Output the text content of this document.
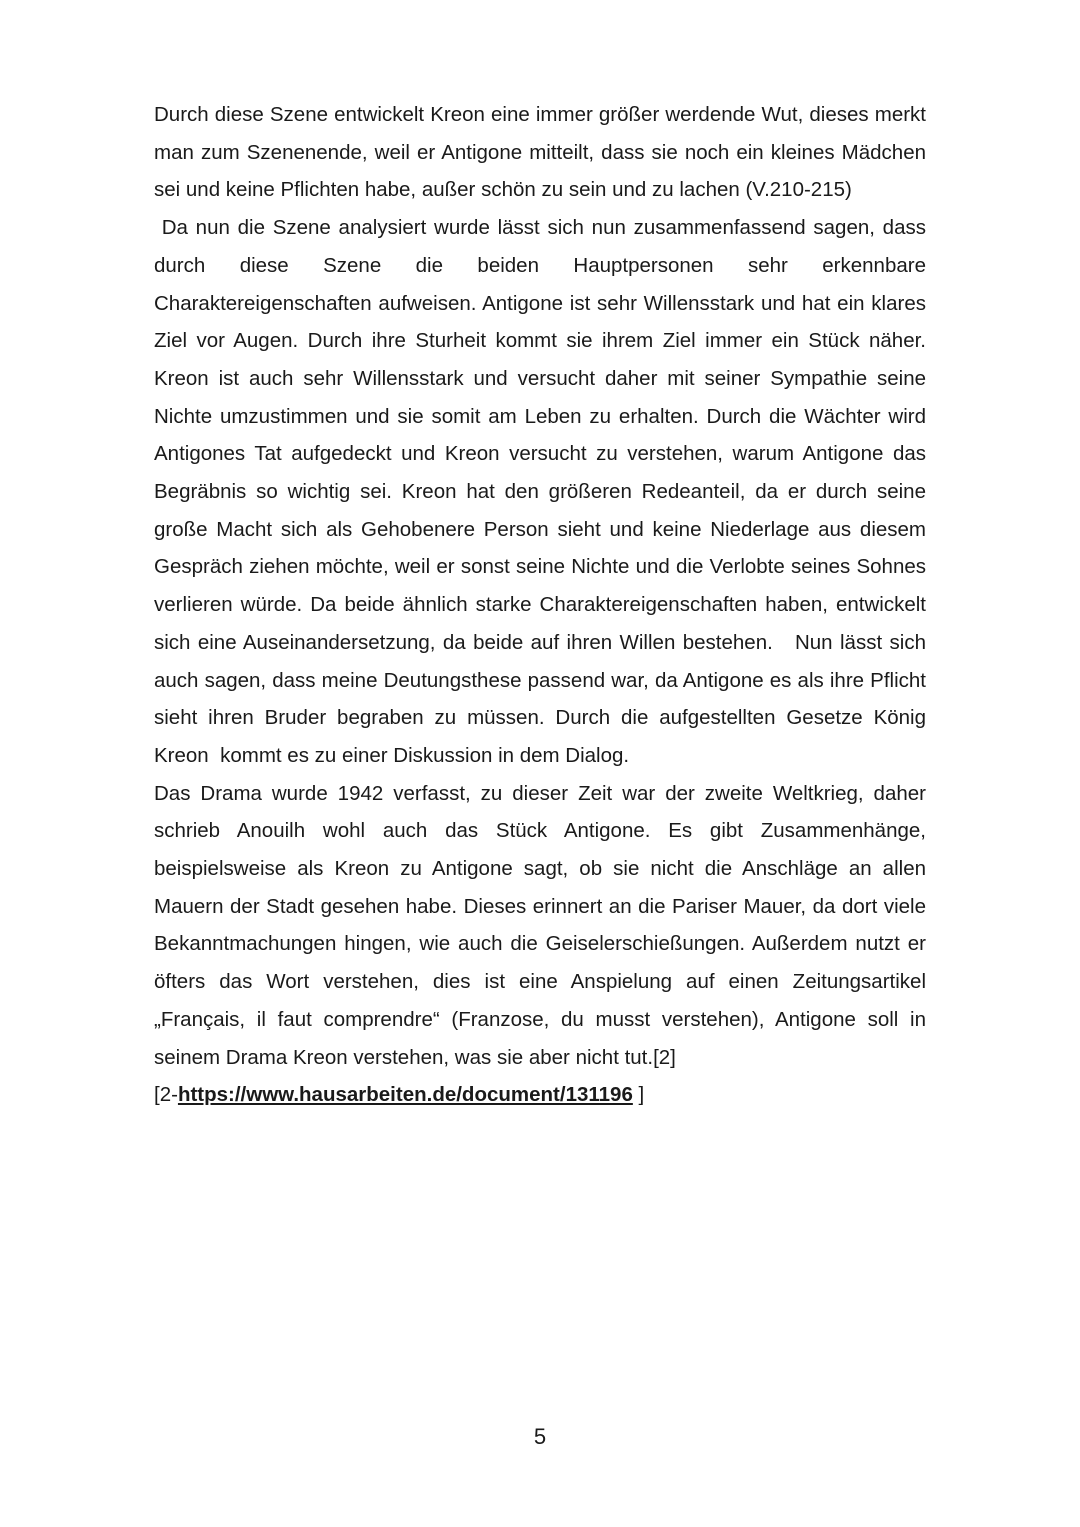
Durch diese Szene entwickelt Kreon eine immer größer werdende Wut, dieses merkt man zum Szenenende, weil er Antigone mitteilt, dass sie noch ein kleines Mädchen sei und keine Pflichten habe, außer schön zu sein und zu lachen (V.210-215)

Da nun die Szene analysiert wurde lässt sich nun zusammenfassend sagen, dass durch diese Szene die beiden Hauptpersonen sehr erkennbare Charaktereigenschaften aufweisen. Antigone ist sehr Willensstark und hat ein klares Ziel vor Augen. Durch ihre Sturheit kommt sie ihrem Ziel immer ein Stück näher. Kreon ist auch sehr Willensstark und versucht daher mit seiner Sympathie seine Nichte umzustimmen und sie somit am Leben zu erhalten. Durch die Wächter wird Antigones Tat aufgedeckt und Kreon versucht zu verstehen, warum Antigone das Begräbnis so wichtig sei. Kreon hat den größeren Redeanteil, da er durch seine große Macht sich als Gehobenere Person sieht und keine Niederlage aus diesem Gespräch ziehen möchte, weil er sonst seine Nichte und die Verlobte seines Sohnes verlieren würde. Da beide ähnlich starke Charaktereigenschaften haben, entwickelt sich eine Auseinandersetzung, da beide auf ihren Willen bestehen.   Nun lässt sich auch sagen, dass meine Deutungsthese passend war, da Antigone es als ihre Pflicht sieht ihren Bruder begraben zu müssen. Durch die aufgestellten Gesetze König Kreon  kommt es zu einer Diskussion in dem Dialog.

Das Drama wurde 1942 verfasst, zu dieser Zeit war der zweite Weltkrieg, daher schrieb Anouilh wohl auch das Stück Antigone. Es gibt Zusammenhänge, beispielsweise als Kreon zu Antigone sagt, ob sie nicht die Anschläge an allen Mauern der Stadt gesehen habe. Dieses erinnert an die Pariser Mauer, da dort viele Bekanntmachungen hingen, wie auch die Geiselerschießungen. Außerdem nutzt er öfters das Wort verstehen, dies ist eine Anspielung auf einen Zeitungsartikel „Français, il faut comprendre“ (Franzose, du musst verstehen), Antigone soll in seinem Drama Kreon verstehen, was sie aber nicht tut.[2]

[2-https://www.hausarbeiten.de/document/131196 ]

5
